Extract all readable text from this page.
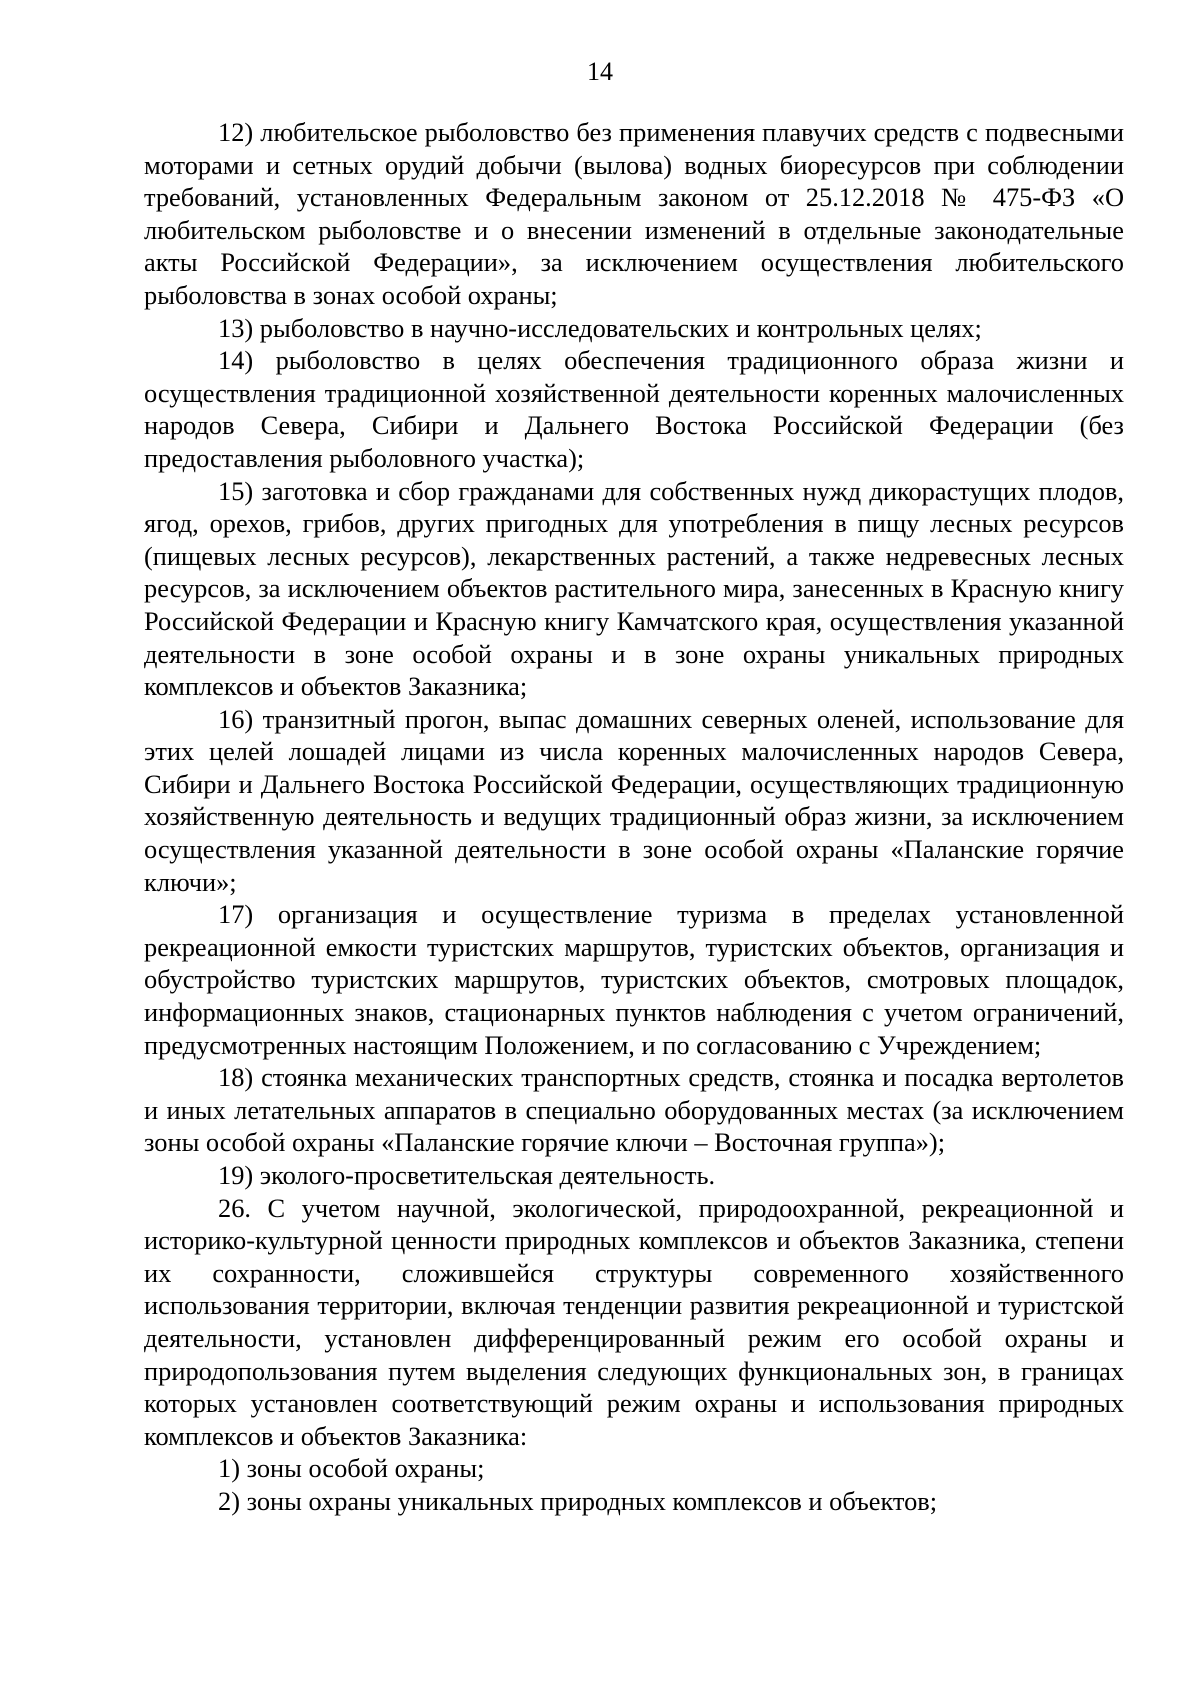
14

12) любительское рыболовство без применения плавучих средств с подвесными моторами и сетных орудий добычи (вылова) водных биоресурсов при соблюдении требований, установленных Федеральным законом от 25.12.2018 № 475-ФЗ «О любительском рыболовстве и о внесении изменений в отдельные законодательные акты Российской Федерации», за исключением осуществления любительского рыболовства в зонах особой охраны;

13) рыболовство в научно-исследовательских и контрольных целях;

14) рыболовство в целях обеспечения традиционного образа жизни и осуществления традиционной хозяйственной деятельности коренных малочисленных народов Севера, Сибири и Дальнего Востока Российской Федерации (без предоставления рыболовного участка);

15) заготовка и сбор гражданами для собственных нужд дикорастущих плодов, ягод, орехов, грибов, других пригодных для употребления в пищу лесных ресурсов (пищевых лесных ресурсов), лекарственных растений, а также недревесных лесных ресурсов, за исключением объектов растительного мира, занесенных в Красную книгу Российской Федерации и Красную книгу Камчатского края, осуществления указанной деятельности в зоне особой охраны и в зоне охраны уникальных природных комплексов и объектов Заказника;

16) транзитный прогон, выпас домашних северных оленей, использование для этих целей лошадей лицами из числа коренных малочисленных народов Севера, Сибири и Дальнего Востока Российской Федерации, осуществляющих традиционную хозяйственную деятельность и ведущих традиционный образ жизни, за исключением осуществления указанной деятельности в зоне особой охраны «Паланские горячие ключи»;

17) организация и осуществление туризма в пределах установленной рекреационной емкости туристских маршрутов, туристских объектов, организация и обустройство туристских маршрутов, туристских объектов, смотровых площадок, информационных знаков, стационарных пунктов наблюдения с учетом ограничений, предусмотренных настоящим Положением, и по согласованию с Учреждением;

18) стоянка механических транспортных средств, стоянка и посадка вертолетов и иных летательных аппаратов в специально оборудованных местах (за исключением зоны особой охраны «Паланские горячие ключи – Восточная группа»);

19) эколого-просветительская деятельность.

26. С учетом научной, экологической, природоохранной, рекреационной и историко-культурной ценности природных комплексов и объектов Заказника, степени их сохранности, сложившейся структуры современного хозяйственного использования территории, включая тенденции развития рекреационной и туристской деятельности, установлен дифференцированный режим его особой охраны и природопользования путем выделения следующих функциональных зон, в границах которых установлен соответствующий режим охраны и использования природных комплексов и объектов Заказника:

1) зоны особой охраны;

2) зоны охраны уникальных природных комплексов и объектов;
